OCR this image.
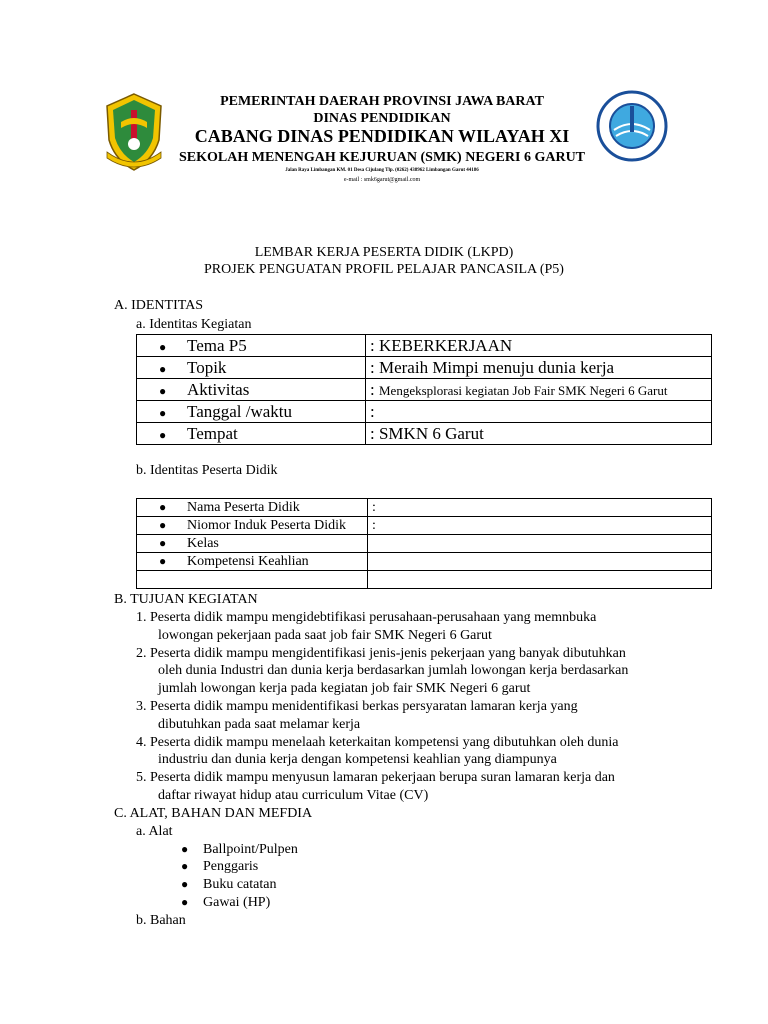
PEMERINTAH DAERAH PROVINSI JAWA BARAT
DINAS PENDIDIKAN
CABANG DINAS PENDIDIKAN WILAYAH XI
SEKOLAH MENENGAH KEJURUAN (SMK) NEGERI 6 GARUT
Jalan Raya Limbangan KM. 01 Desa Cijulang Tlp. (0262) 438962 Limbangan Garut 44186
e-mail : smk6garut@gmail.com
LEMBAR KERJA PESERTA DIDIK (LKPD)
PROJEK PENGUATAN PROFIL PELAJAR PANCASILA (P5)
A. IDENTITAS
a. Identitas Kegiatan
● Tema P5	: KEBERKERJAAN
● Topik	: Meraih Mimpi menuju dunia kerja
● Aktivitas	: Mengeksplorasi kegiatan Job Fair SMK Negeri 6 Garut
● Tanggal /waktu	:
● Tempat	: SMKN 6 Garut
b. Identitas Peserta Didik
● Nama Peserta Didik	:
● Niomor Induk Peserta Didik	:
● Kelas	
● Kompetensi Keahlian	

B. TUJUAN KEGIATAN
1. Peserta didik mampu mengidebtifikasi perusahaan-perusahaan yang memnbuka
lowongan pekerjaan pada saat job fair SMK Negeri 6 Garut
2. Peserta didik mampu mengidentifikasi jenis-jenis pekerjaan yang banyak dibutuhkan
oleh dunia Industri dan dunia kerja berdasarkan jumlah lowongan kerja berdasarkan
jumlah lowongan kerja pada kegiatan job fair SMK Negeri 6 garut
3. Peserta didik mampu menidentifikasi berkas persyaratan lamaran kerja yang
dibutuhkan pada saat melamar kerja
4. Peserta didik mampu menelaah keterkaitan kompetensi yang dibutuhkan oleh dunia
industriu dan dunia kerja dengan kompetensi keahlian yang diampunya
5. Peserta didik mampu menyusun lamaran pekerjaan berupa suran lamaran kerja dan
daftar riwayat hidup atau curriculum Vitae (CV)
C. ALAT, BAHAN DAN MEFDIA
a. Alat
● Ballpoint/Pulpen
● Penggaris
● Buku catatan
● Gawai (HP)
b. Bahan
